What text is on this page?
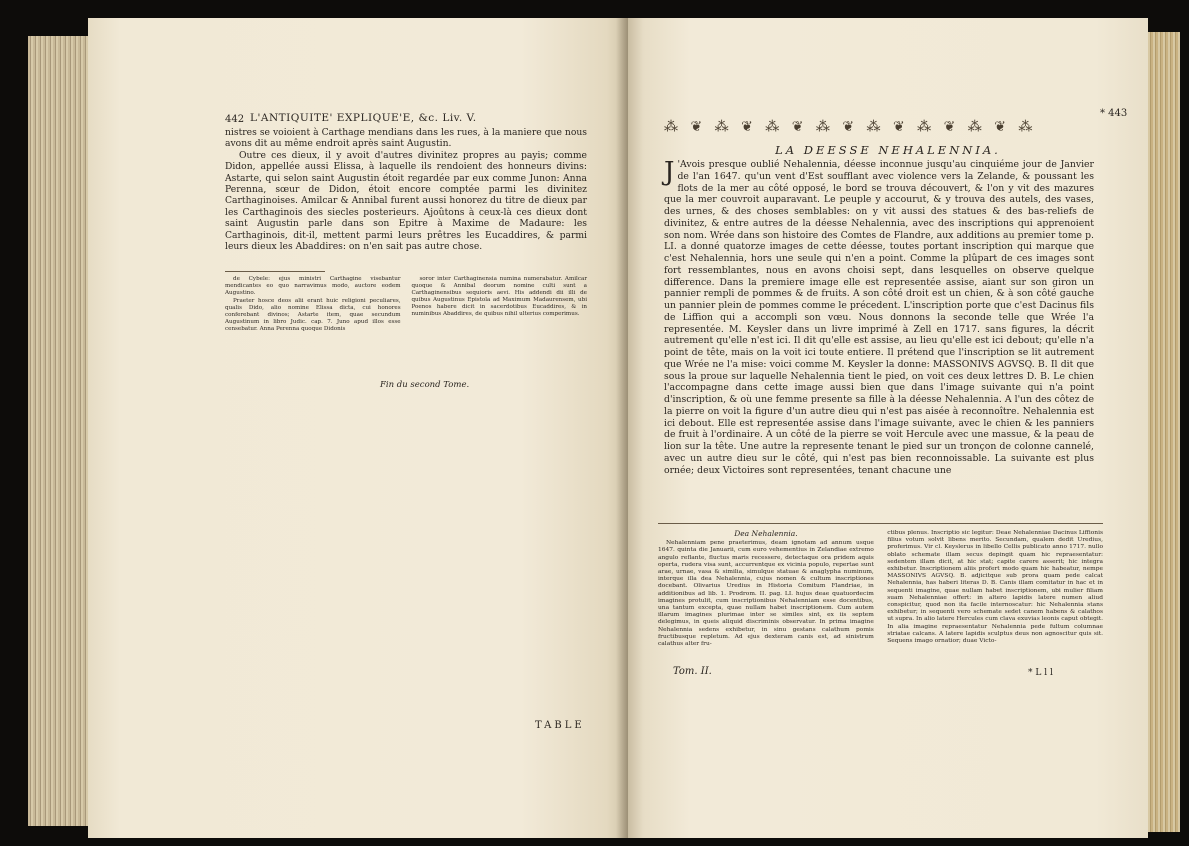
442 L'ANTIQUITE' EXPLIQUE'E, &c. Liv. V.

nistres se voioient à Carthage mendians dans les rues, à la maniere que nous avons dit au même endroit après saint Augustin.

Outre ces dieux, il y avoit d'autres divinitez propres au payis; comme Didon, appellée aussi Elissa, à laquelle ils rendoient des honneurs divins: Astarte, qui selon saint Augustin étoit regardée par eux comme Junon: Anna Perenna, sœur de Didon, étoit encore comptée parmi les divinitez Carthaginoises. Amilcar & Annibal furent aussi honorez du titre de dieux par les Carthaginois des siecles posterieurs. Ajoûtons à ceux-là ces dieux dont saint Augustin parle dans son Epitre à Maxime de Madaure: les Carthaginois, dit-il, mettent parmi leurs prêtres les Eucaddires, & parmi leurs dieux les Abaddires: on n'en sait pas autre chose.

de Cybele: ejus ministri Carthagine visebantur mendicantes eo quo narravimus modo, auctore eodem Augustino.

Praeter hosce deos alii erant huic religioni peculiares, qualis Dido, alio nomine Elissa dicta, cui honores conferebant divinos; Astarte item, quae secundum Augustinum in libro Judic. cap. 7. Juno apud illos esse censebatur. Anna Perenna quoque Didonis

soror inter Carthaginensia numina numerabatur. Amilcar quoque & Annibal deorum nomine culti sunt a Carthaginensibus sequioris aevi. His addendi dii illi de quibus Augustinus Epistola ad Maximum Madaurensem, ubi Poenos habere dicit in sacerdotibus Eucaddires, & in numinibus Abaddires, de quibus nihil ulterius comperimus.

Fin du second Tome.
TABLE
* 443
⁂ ❦ ⁂ ❦ ⁂ ❦ ⁂ ❦ ⁂ ❦ ⁂ ❦ ⁂ ❦ ⁂
LA DEESSE NEHALENNIA.
J 'Avois presque oublié Nehalennia, déesse inconnue jusqu'au cinquiéme jour de Janvier de l'an 1647. qu'un vent d'Est soufflant avec violence vers la Zelande, & poussant les flots de la mer au côté opposé, le bord se trouva découvert, & l'on y vit des mazures que la mer couvroit auparavant. Le peuple y accourut, & y trouva des autels, des vases, des urnes, & des choses semblables: on y vit aussi des statues & des bas-reliefs de divinitez, & entre autres de la déesse Nehalennia, avec des inscriptions qui apprenoient son nom. Wrée dans son histoire des Comtes de Flandre, aux additions au premier tome p. LI. a donné quatorze images de cette déesse, toutes portant inscription qui marque que c'est Nehalennia, hors une seule qui n'en a point. Comme la plûpart de ces images sont fort ressemblantes, nous en avons choisi sept, dans lesquelles on observe quelque difference. Dans la premiere image elle est representée assise, aiant sur son giron un pannier rempli de pommes & de fruits. A son côté droit est un chien, & à son côté gauche un pannier plein de pommes comme le précedent. L'inscription porte que c'est Dacinus fils de Liffion qui a accompli son vœu. Nous donnons la seconde telle que Wrée l'a representée. M. Keysler dans un livre imprimé à Zell en 1717. sans figures, la décrit autrement qu'elle n'est ici. Il dit qu'elle est assise, au lieu qu'elle est ici debout; qu'elle n'a point de tête, mais on la voit ici toute entiere. Il prétend que l'inscription se lit autrement que Wrée ne l'a mise: voici comme M. Keysler la donne: MASSONIVS AGVSQ. B. Il dit que sous la proue sur laquelle Nehalennia tient le pied, on voit ces deux lettres D. B. Le chien l'accompagne dans cette image aussi bien que dans l'image suivante qui n'a point d'inscription, & où une femme presente sa fille à la déesse Nehalennia. A l'un des côtez de la pierre on voit la figure d'un autre dieu qui n'est pas aisée à reconnoître. Nehalennia est ici debout. Elle est representée assise dans l'image suivante, avec le chien & les panniers de fruit à l'ordinaire. A un côté de la pierre se voit Hercule avec une massue, & la peau de lion sur la tête. Une autre la represente tenant le pied sur un tronçon de colonne cannelé, avec un autre dieu sur le côté, qui n'est pas bien reconnoissable. La suivante est plus ornée; deux Victoires sont representées, tenant chacune une
Dea Nehalennia.

Nehalenniam pene praeterimus, deam ignotam ad annum usque 1647. quinta die Januarii, cum euro vehementius in Zelandiae extremo angulo reflante, fluctus maris recessere, detectaque ora pridem aquis operta, rudera visa sunt, accurrentque ex vicinia populo, repertae sunt arae, urnae, vasa & similia, simulque statuae & anaglypha numinum, interque illa dea Nehalennia, cujus nomen & cultum inscriptiones docebant. Olivarius Uredius in Historia Comitum Flandriae, in additionibus ad lib. 1. Prodrom. II. pag. LI. hujus deae quatuordecim imagines protulit, cum inscriptionibus Nehalenniam esse docentibus, una tantum excepta, quae nullam habet inscriptionem. Cum autem illarum imagines plurimae inter se similes sint, ex iis septem delegimus, in queis aliquid discriminis observatur. In prima imagine Nehalennia sedens exhibetur, in sinu gestans calathum pomis fructibusque repletum. Ad ejus dexteram canis est, ad sinistrum calathus alter fru-

ctibus plenus. Inscriptio sic legitur: Deae Nehalenniae Dacinus Liffionis filius votum solvit libens merito. Secundam, qualem dedit Uredius, proferimus. Vir cl. Keyslerus in libello Cellis publicato anno 1717. nullo oblato schemate illam secus depingit quam hic repraesentatur: sedentem illam dicit, at hic stat; capite carere asserit; hic integra exhibetur. Inscriptionem aliis profert modo quam hic habeatur, nempe MASSONIVS AGVSQ. B. adjicitque sub prora quam pede calcat Nehalennia, has haberi literas D. B. Canis illam comitatur in hac et in sequenti imagine, quae nullam habet inscriptionem, ubi mulier filiam suam Nehalenniae offert: in altero lapidis latere numen aliud conspicitur, quod non ita facile internoscatur: hic Nehalennia stans exhibetur; in sequenti vero schemate sedet canem habens & calathos ut supra. In alio latere Hercules cum clava exuvias leonis caput obtegit. In alia imagine repraesentatur Nehalennia pede fultum columnae striatae calcans. A latere lapidis sculptus deus non agnoscitur quis sit. Sequens imago ornatior; duae Victo-

Tom. II.	* L l l
